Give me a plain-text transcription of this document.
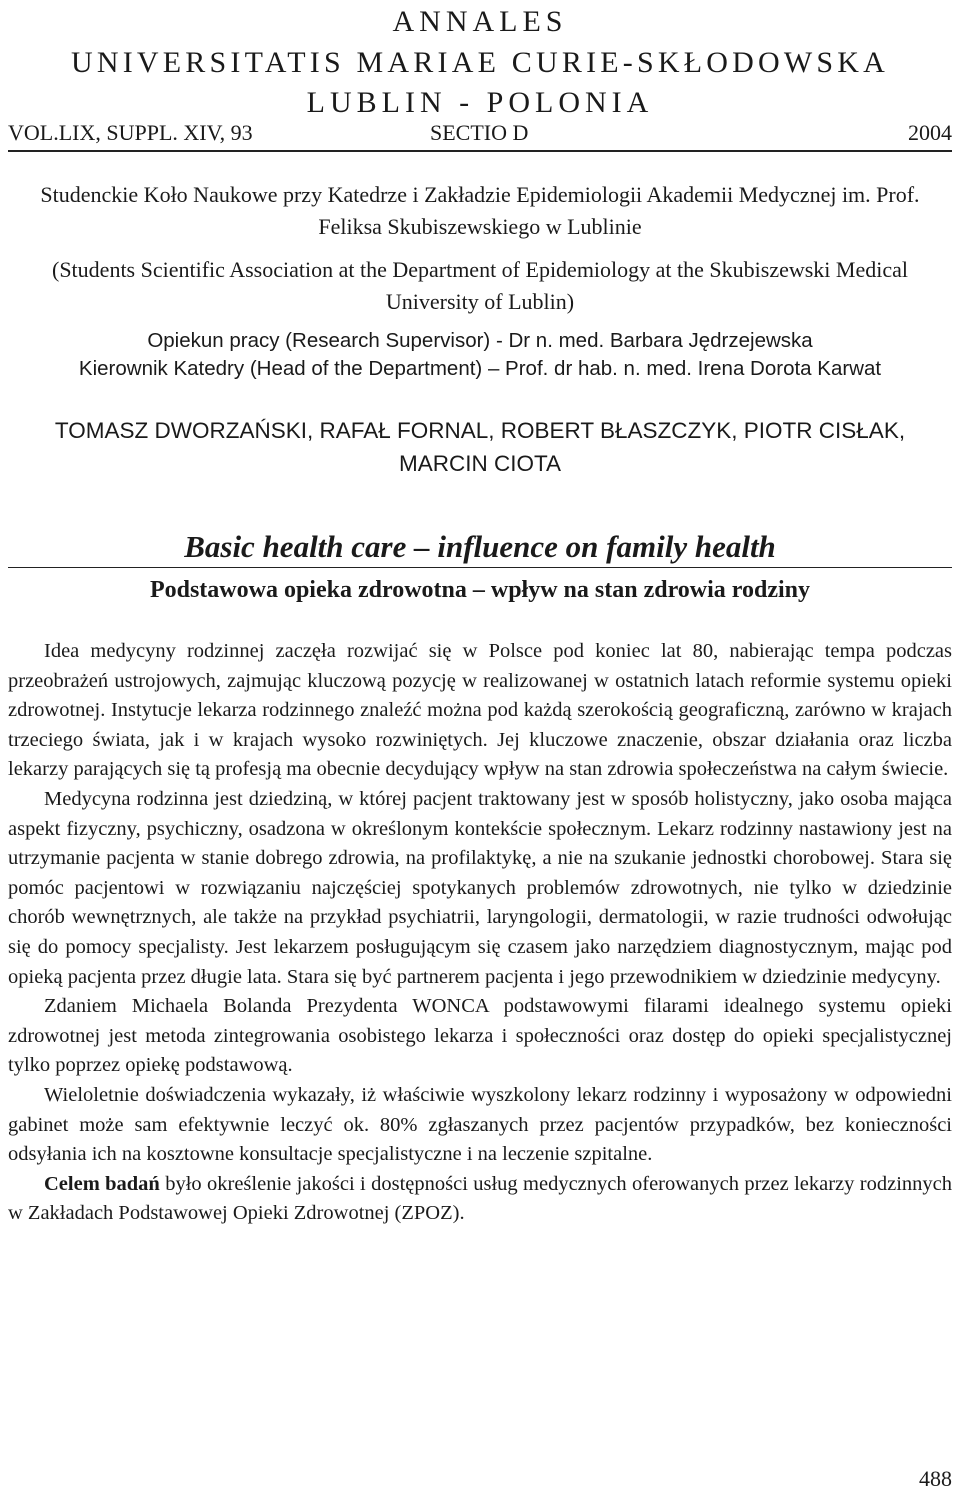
ANNALES
UNIVERSITATIS MARIAE CURIE-SKŁODOWSKA
LUBLIN - POLONIA
VOL.LIX, SUPPL. XIV, 93	SECTIO D	2004
Studenckie Koło Naukowe przy Katedrze i Zakładzie Epidemiologii Akademii Medycznej im. Prof. Feliksa Skubiszewskiego w Lublinie
(Students Scientific Association at the Department of Epidemiology at the Skubiszewski Medical University of Lublin)
Opiekun pracy (Research Supervisor) - Dr n. med. Barbara Jędrzejewska
Kierownik Katedry (Head of the Department) – Prof. dr hab. n. med. Irena Dorota Karwat
TOMASZ DWORZAŃSKI, RAFAŁ FORNAL, ROBERT BŁASZCZYK, PIOTR CISŁAK, MARCIN CIOTA
Basic health care – influence on family health
Podstawowa opieka zdrowotna – wpływ na stan zdrowia rodziny

Idea medycyny rodzinnej zaczęła rozwijać się w Polsce pod koniec lat 80, nabierając tempa podczas przeobrażeń ustrojowych, zajmując kluczową pozycję w realizowanej w ostatnich latach reformie systemu opieki zdrowotnej. Instytucje lekarza rodzinnego znaleźć można pod każdą szerokością geograficzną, zarówno w krajach trzeciego świata, jak i w krajach wysoko rozwiniętych. Jej kluczowe znaczenie, obszar działania oraz liczba lekarzy parających się tą profesją ma obecnie decydujący wpływ na stan zdrowia społeczeństwa na całym świecie.

Medycyna rodzinna jest dziedziną, w której pacjent traktowany jest w sposób holistyczny, jako osoba mająca aspekt fizyczny, psychiczny, osadzona w określonym kontekście społecznym. Lekarz rodzinny nastawiony jest na utrzymanie pacjenta w stanie dobrego zdrowia, na profilaktykę, a nie na szukanie jednostki chorobowej. Stara się pomóc pacjentowi w rozwiązaniu najczęściej spotykanych problemów zdrowotnych, nie tylko w dziedzinie chorób wewnętrznych, ale także na przykład psychiatrii, laryngologii, dermatologii, w razie trudności odwołując się do pomocy specjalisty. Jest lekarzem posługującym się czasem jako narzędziem diagnostycznym, mając pod opieką pacjenta przez długie lata. Stara się być partnerem pacjenta i jego przewodnikiem w dziedzinie medycyny.

Zdaniem Michaela Bolanda Prezydenta WONCA podstawowymi filarami idealnego systemu opieki zdrowotnej jest metoda zintegrowania osobistego lekarza i społeczności oraz dostęp do opieki specjalistycznej tylko poprzez opiekę podstawową.

Wieloletnie doświadczenia wykazały, iż właściwie wyszkolony lekarz rodzinny i wyposażony w odpowiedni gabinet może sam efektywnie leczyć ok. 80% zgłaszanych przez pacjentów przypadków, bez konieczności odsyłania ich na kosztowne konsultacje specjalistyczne i na leczenie szpitalne.

Celem badań było określenie jakości i dostępności usług medycznych oferowanych przez lekarzy rodzinnych w Zakładach Podstawowej Opieki Zdrowotnej (ZPOZ).

488
